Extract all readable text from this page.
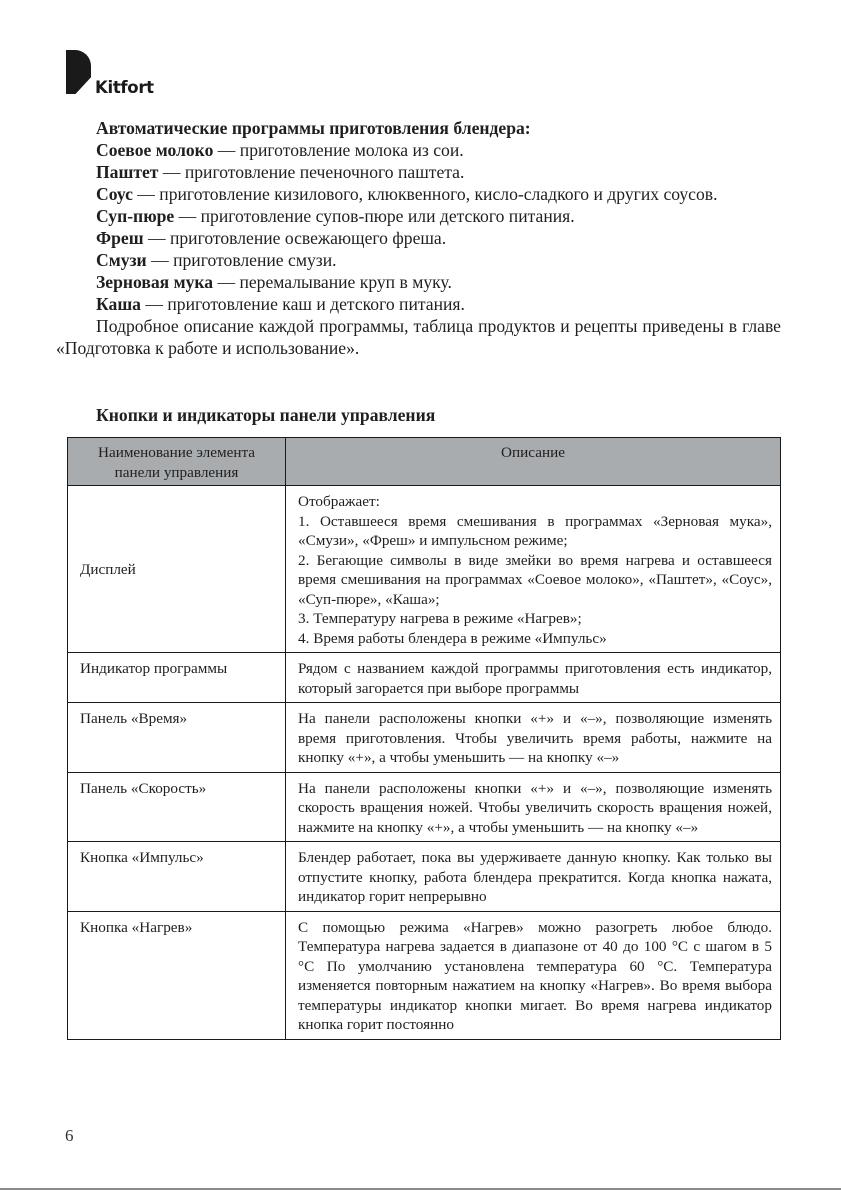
Kitfort

Автоматические программы приготовления блендера:

Соевое молоко — приготовление молока из сои.

Паштет — приготовление печеночного паштета.

Соус — приготовление кизилового, клюквенного, кисло-сладкого и других соусов.

Суп-пюре — приготовление супов-пюре или детского питания.

Фреш — приготовление освежающего фреша.

Смузи — приготовление смузи.

Зерновая мука — перемалывание круп в муку.

Каша — приготовление каш и детского питания.

Подробное описание каждой программы, таблица продуктов и рецепты приведены в главе «Подготовка к работе и использование».

Кнопки и индикаторы панели управления
Наименование элемента панели управления	Описание
Дисплей	Отображает:
1. Оставшееся время смешивания в программах «Зерновая мука», «Смузи», «Фреш» и импульсном режиме;
2. Бегающие символы в виде змейки во время нагрева и оставшееся время смешивания на программах «Соевое молоко», «Паштет», «Соус», «Суп-пюре», «Каша»;
3. Температуру нагрева в режиме «Нагрев»;
4. Время работы блендера в режиме «Импульс»

Индикатор программы	Рядом с названием каждой программы приготовления есть индикатор, который загорается при выборе программы

Панель «Время»	На панели расположены кнопки «+» и «–», позволяющие изменять время приготовления. Чтобы увеличить время работы, нажмите на кнопку «+», а чтобы уменьшить — на кнопку «–»

Панель «Скорость»	На панели расположены кнопки «+» и «–», позволяющие изменять скорость вращения ножей. Чтобы увеличить скорость вращения ножей, нажмите на кнопку «+», а чтобы уменьшить — на кнопку «–»

Кнопка «Импульс»	Блендер работает, пока вы удерживаете данную кнопку. Как только вы отпустите кнопку, работа блендера прекратится. Когда кнопка нажата, индикатор горит непрерывно

Кнопка «Нагрев»	С помощью режима «Нагрев» можно разогреть любое блюдо. Температура нагрева задается в диапазоне от 40 до 100 °C с шагом в 5 °C По умолчанию установлена температура 60 °C. Температура изменяется повторным нажатием на кнопку «Нагрев». Во время выбора температуры индикатор кнопки мигает. Во время нагрева индикатор кнопка горит постоянно
6
